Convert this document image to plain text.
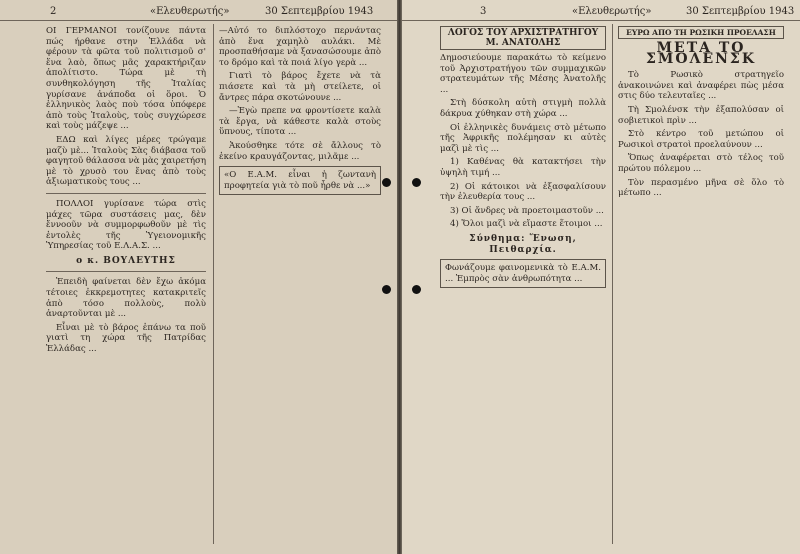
2	«Ελευθερωτής»	30 Σεπτεμβρίου 1943

ΟΙ ΓΕΡΜΑΝΟΙ τονίζουνε πάντα πώς ήρθανε στην Ἑλλάδα νὰ φέρουν τὰ φῶτα τοῦ πολιτισμοῦ σ' ἕνα λαὸ, ὅπως μᾶς χαρακτήριζαν ἀπολίτιστο. Τώρα μὲ τὴ συνθηκολόγηση τῆς Ἰταλίας γυρίσανε ἀνάποδα οἱ ὅροι. Ὁ ἑλληνικὸς λαὸς ποὺ τόσα ὑπόφερε ἀπὸ τοὺς Ἰταλοὺς, τοὺς συγχώρεσε καὶ τοὺς μάζεψε ...

ΕΔΩ καὶ λίγες μέρες τρώγαμε μαζὺ μὲ... Ἰταλοὺς Σὰς διάβασα τοῦ φαγητοῦ θάλασσα νὰ μὰς χαιρετήση μὲ τὸ χρυσὸ του ἔνας ἀπὸ τοὺς ἀξιωματικοὺς τους ...

ΠΟΛΛΟΙ γυρίσανε τώρα στὶς μάχες τῶρα συστάσεις μας, δὲν ἔννοοῦν νὰ συμμορφωθοῦν μὲ τὶς ἐντολὲς τῆς Ὑγειονομικῆς Ὑπηρεσίας τοῦ Ε.Λ.Α.Σ. ...

ο κ. ΒΟΥΛΕΥΤΗΣ

Ἐπειδὴ φαίνεται δὲν ἔχω ἀκόμα τέτοιες ἐκκρεμοτητες κατακριτεῖς ἀπὸ τόσο πολλοὺς, πολὺ ἀναρτοῦνται μὲ ...

Εἶναι μὲ τὸ βάρος ἐπάνω τα ποῦ γιατὶ τη χώρα τῆς Πατρίδας Ἑλλάδας ...

—Αὐτό το διπλόστοχο περνάντας ἀπὸ ἕνα χαμηλὸ αυλάκι. Μὲ προσπαθήσαμε νὰ ξανασώσουμε ἀπὸ το δρόμο καὶ τὰ ποιά λίγο γερὰ ...

Γιατὶ τὸ βάρος ἔχετε νὰ τὰ πιάσετε καὶ τὰ μὴ στείλετε, οἱ ἄντρες πάρα σκοτώνουνε ...

—Ἐγὼ πρεπε να φροντίσετε καλὰ τὰ ἔργα, νὰ κάθεστε καλὰ στοὺς ὕπνους, τίποτα ...

Ἀκούσθηκε τότε σὲ ἄλλους τὸ ἐκείνο κραυγάζοντας, μιλᾶμε ...

«Ο Ε.Α.Μ. εἶναι ἡ ζωντανὴ προφητεία γιὰ τὸ ποῦ ἦρθε νὰ ...»
3	«Ελευθερωτής»	30 Σεπτεμβρίου 1943
ΛΟΓΟΣ ΤΟΥ ΑΡΧΙΣΤΡΑΤΗΓΟΥ Μ. ΑΝΑΤΟΛΗΣ

Δημοσιεύουμε παρακάτω τὸ κείμενο τοῦ Ἀρχιστρατήγου τῶν συμμαχικῶν στρατευμάτων τῆς Μέσης Ἀνατολῆς ...

Στὴ δύσκολη αὐτὴ στιγμὴ πολλὰ δάκρυα χύθηκαν στὴ χώρα ...

Οἱ ἐλληνικὲς δυνάμεις στὸ μέτωπο τῆς Ἀφρικῆς πολέμησαν κι αὐτὲς μαζὶ μὲ τὶς ...

1) Καθένας θὰ κατακτήσει τὴν ὑψηλὴ τιμή ...

2) Οἱ κάτοικοι νὰ ἐξασφαλίσουν τὴν ἐλευθερία τους ...

3) Οἱ ἄνδρες νὰ προετοιμαστοῦν ...

4) Ὅλοι μαζὶ νὰ εἴμαστε ἕτοιμοι ...

Σύνθημα: Ἕνωση, Πειθαρχία.
Φωνάζουμε φαινομενικὰ τὸ Ε.Α.Μ. ... Ἐμπρὸς σὰν ἀνθρωπότητα ...
ΕΥΡΩ ΑΠΟ ΤΗ ΡΩΣΙΚΗ ΠΡΟΕΛΑΣΗ
ΜΕΤΑ ΤΟ ΣΜΟΛΕΝΣΚ

Τὸ Ρωσικὸ στρατηγεῖο ἀνακοινώνει καὶ ἀναφέρει πὼς μέσα στις δύο τελευταῖες ...

Τὴ Σμολένσκ τὴν ἐξαπολύσαν οἱ σοβιετικοὶ πρὶν ...

Στὸ κέντρο τοῦ μετώπου οἱ Ρωσικοὶ στρατοὶ προελαύνουν ...

Ὅπως ἀναφέρεται στὸ τέλος τοῦ πρώτου πόλεμου ...

Τὸν περασμένο μῆνα σὲ ὅλο τὸ μέτωπο ...
